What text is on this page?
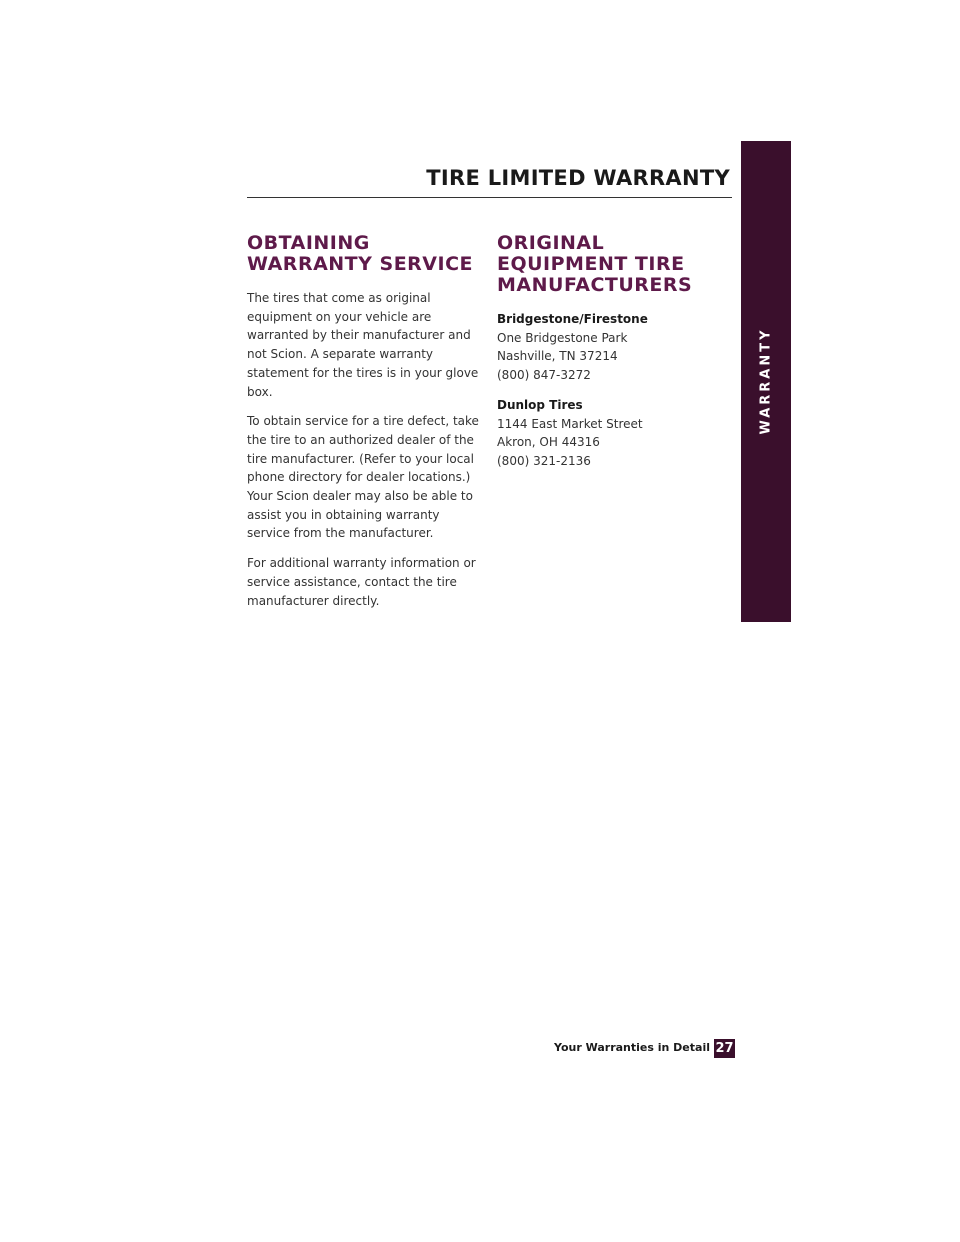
WARRANTY
TIRE LIMITED WARRANTY
OBTAINING WARRANTY SERVICE

The tires that come as original equipment on your vehicle are warranted by their manufacturer and not Scion. A separate warranty statement for the tires is in your glove box.

To obtain service for a tire defect, take the tire to an authorized dealer of the tire manufacturer. (Refer to your local phone directory for dealer locations.) Your Scion dealer may also be able to assist you in obtaining warranty service from the manufacturer.

For additional warranty information or service assistance, contact the tire manufacturer directly.

ORIGINAL EQUIPMENT TIRE MANUFACTURERS
Bridgestone/Firestone
One Bridgestone Park
Nashville, TN 37214
(800) 847-3272
Dunlop Tires
1144 East Market Street
Akron, OH 44316
(800) 321-2136
Your Warranties in Detail 27
